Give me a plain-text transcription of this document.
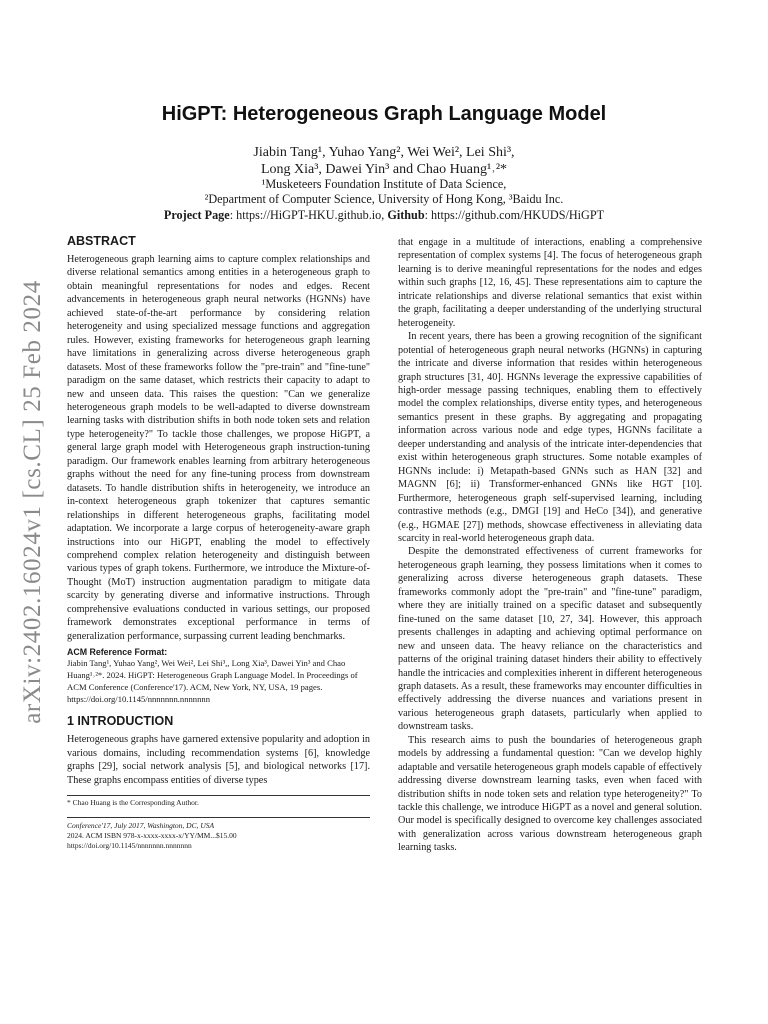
arXiv:2402.16024v1 [cs.CL] 25 Feb 2024
HiGPT: Heterogeneous Graph Language Model
Jiabin Tang¹, Yuhao Yang², Wei Wei², Lei Shi³,
Long Xia³, Dawei Yin³ and Chao Huang¹˒²*
¹Musketeers Foundation Institute of Data Science,
²Department of Computer Science, University of Hong Kong, ³Baidu Inc.
Project Page: https://HiGPT-HKU.github.io, Github: https://github.com/HKUDS/HiGPT
ABSTRACT

Heterogeneous graph learning aims to capture complex relationships and diverse relational semantics among entities in a heterogeneous graph to obtain meaningful representations for nodes and edges. Recent advancements in heterogeneous graph neural networks (HGNNs) have achieved state-of-the-art performance by considering relation heterogeneity and using specialized message functions and aggregation rules. However, existing frameworks for heterogeneous graph learning have limitations in generalizing across diverse heterogeneous graph datasets. Most of these frameworks follow the "pre-train" and "fine-tune" paradigm on the same dataset, which restricts their capacity to adapt to new and unseen data. This raises the question: "Can we generalize heterogeneous graph models to be well-adapted to diverse downstream learning tasks with distribution shifts in both node token sets and relation type heterogeneity?" To tackle those challenges, we propose HiGPT, a general large graph model with Heterogeneous graph instruction-tuning paradigm. Our framework enables learning from arbitrary heterogeneous graphs without the need for any fine-tuning process from downstream datasets. To handle distribution shifts in heterogeneity, we introduce an in-context heterogeneous graph tokenizer that captures semantic relationships in different heterogeneous graphs, facilitating model adaptation. We incorporate a large corpus of heterogeneity-aware graph instructions into our HiGPT, enabling the model to effectively comprehend complex relation heterogeneity and distinguish between various types of graph tokens. Furthermore, we introduce the Mixture-of-Thought (MoT) instruction augmentation paradigm to mitigate data scarcity by generating diverse and informative instructions. Through comprehensive evaluations conducted in various settings, our proposed framework demonstrates exceptional performance in terms of generalization performance, surpassing current leading benchmarks.

ACM Reference Format:

Jiabin Tang¹, Yuhao Yang², Wei Wei², Lei Shi³,, Long Xia³, Dawei Yin³ and Chao Huang¹˒²*. 2024. HiGPT: Heterogeneous Graph Language Model. In Proceedings of ACM Conference (Conference'17). ACM, New York, NY, USA, 19 pages. https://doi.org/10.1145/nnnnnnn.nnnnnnn

1 INTRODUCTION

Heterogeneous graphs have garnered extensive popularity and adoption in various domains, including recommendation systems [6], knowledge graphs [29], social network analysis [5], and biological networks [17]. These graphs encompass entities of diverse types

* Chao Huang is the Corresponding Author.

Conference'17, July 2017, Washington, DC, USA

2024. ACM ISBN 978-x-xxxx-xxxx-x/YY/MM...$15.00

https://doi.org/10.1145/nnnnnnn.nnnnnnn

that engage in a multitude of interactions, enabling a comprehensive representation of complex systems [4]. The focus of heterogeneous graph learning is to derive meaningful representations for the nodes and edges within such graphs [12, 16, 45]. These representations aim to capture the intricate relationships and diverse relational semantics that exist within the graph, facilitating a deeper understanding of the underlying structural heterogeneity.

In recent years, there has been a growing recognition of the significant potential of heterogeneous graph neural networks (HGNNs) in capturing the intricate and diverse information that resides within heterogeneous graph structures [31, 40]. HGNNs leverage the expressive capabilities of high-order message passing techniques, enabling them to effectively model the complex relationships, diverse entity types, and heterogeneous semantics present in these graphs. By aggregating and propagating information across various node and edge types, HGNNs facilitate a deeper understanding and analysis of the intricate inter-dependencies that exist within heterogeneous graph structures. Some notable examples of HGNNs include: i) Metapath-based GNNs such as HAN [32] and MAGNN [6]; ii) Transformer-enhanced GNNs like HGT [10]. Furthermore, heterogeneous graph self-supervised learning, including contrastive methods (e.g., DMGI [19] and HeCo [34]), and generative (e.g., HGMAE [27]) methods, showcase effectiveness in alleviating data scarcity in real-world heterogeneous graph data.

Despite the demonstrated effectiveness of current frameworks for heterogeneous graph learning, they possess limitations when it comes to generalizing across diverse heterogeneous graph datasets. These frameworks commonly adopt the "pre-train" and "fine-tune" paradigm, where they are initially trained on a specific dataset and subsequently fine-tuned on the same dataset [10, 27, 34]. However, this approach presents challenges in adapting and achieving optimal performance on new and unseen data. The heavy reliance on the characteristics and patterns of the original training dataset hinders their ability to effectively handle the intricacies and complexities inherent in different heterogeneous graph datasets. As a result, these frameworks may encounter difficulties in effectively addressing the diverse nuances and variations present in various heterogeneous graph datasets, particularly when applied to downstream tasks.

This research aims to push the boundaries of heterogeneous graph models by addressing a fundamental question: "Can we develop highly adaptable and versatile heterogeneous graph models capable of effectively addressing diverse downstream learning tasks, even when faced with distribution shifts in node token sets and relation type heterogeneity?" To tackle this challenge, we introduce HiGPT as a novel and general solution. Our model is specifically designed to overcome key challenges associated with generalization across various downstream heterogeneous graph learning tasks.
